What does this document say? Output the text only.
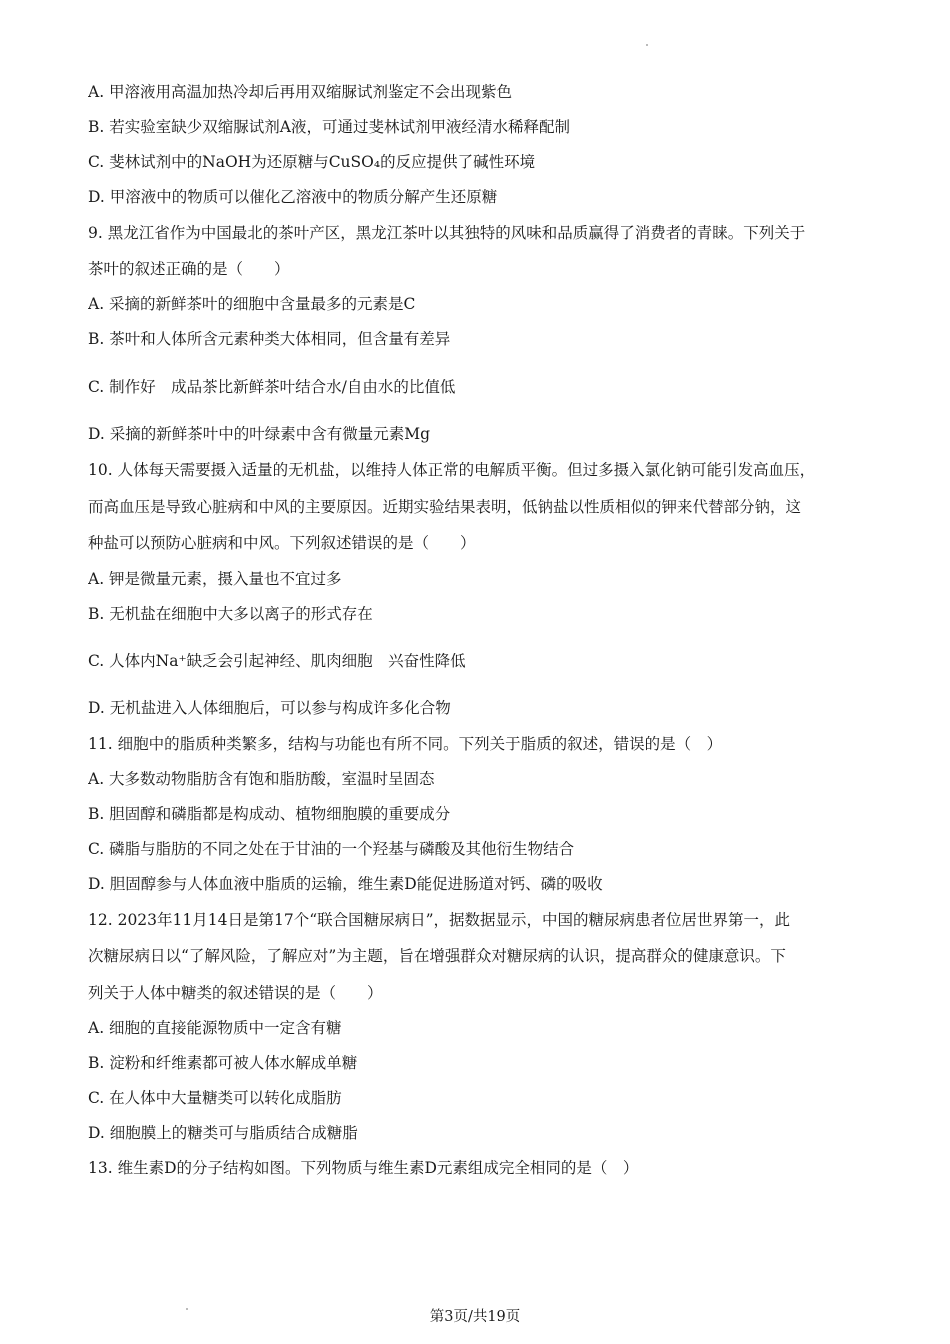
A. 甲溶液用高温加热冷却后再用双缩脲试剂鉴定不会出现紫色
B. 若实验室缺少双缩脲试剂A液，可通过斐林试剂甲液经清水稀释配制
C. 斐林试剂中的NaOH为还原糖与CuSO₄的反应提供了碱性环境
D. 甲溶液中的物质可以催化乙溶液中的物质分解产生还原糖
9. 黑龙江省作为中国最北的茶叶产区，黑龙江茶叶以其独特的风味和品质赢得了消费者的青睐。下列关于
茶叶的叙述正确的是（　　）
A. 采摘的新鲜茶叶的细胞中含量最多的元素是C
B. 茶叶和人体所含元素种类大体相同，但含量有差异
C. 制作好　成品茶比新鲜茶叶结合水/自由水的比值低
D. 采摘的新鲜茶叶中的叶绿素中含有微量元素Mg
10. 人体每天需要摄入适量的无机盐，以维持人体正常的电解质平衡。但过多摄入氯化钠可能引发高血压，
而高血压是导致心脏病和中风的主要原因。近期实验结果表明，低钠盐以性质相似的钾来代替部分钠，这
种盐可以预防心脏病和中风。下列叙述错误的是（　　）
A. 钾是微量元素，摄入量也不宜过多
B. 无机盐在细胞中大多以离子的形式存在
C. 人体内Na⁺缺乏会引起神经、肌肉细胞　兴奋性降低
D. 无机盐进入人体细胞后，可以参与构成许多化合物
11. 细胞中的脂质种类繁多，结构与功能也有所不同。下列关于脂质的叙述，错误的是（　）
A. 大多数动物脂肪含有饱和脂肪酸，室温时呈固态
B. 胆固醇和磷脂都是构成动、植物细胞膜的重要成分
C. 磷脂与脂肪的不同之处在于甘油的一个羟基与磷酸及其他衍生物结合
D. 胆固醇参与人体血液中脂质的运输，维生素D能促进肠道对钙、磷的吸收
12. 2023年11月14日是第17个“联合国糖尿病日”，据数据显示，中国的糖尿病患者位居世界第一，此
次糖尿病日以“了解风险，了解应对”为主题，旨在增强群众对糖尿病的认识，提高群众的健康意识。下
列关于人体中糖类的叙述错误的是（　　）
A. 细胞的直接能源物质中一定含有糖
B. 淀粉和纤维素都可被人体水解成单糖
C. 在人体中大量糖类可以转化成脂肪
D. 细胞膜上的糖类可与脂质结合成糖脂
13. 维生素D的分子结构如图。下列物质与维生素D元素组成完全相同的是（　）
第3页/共19页
